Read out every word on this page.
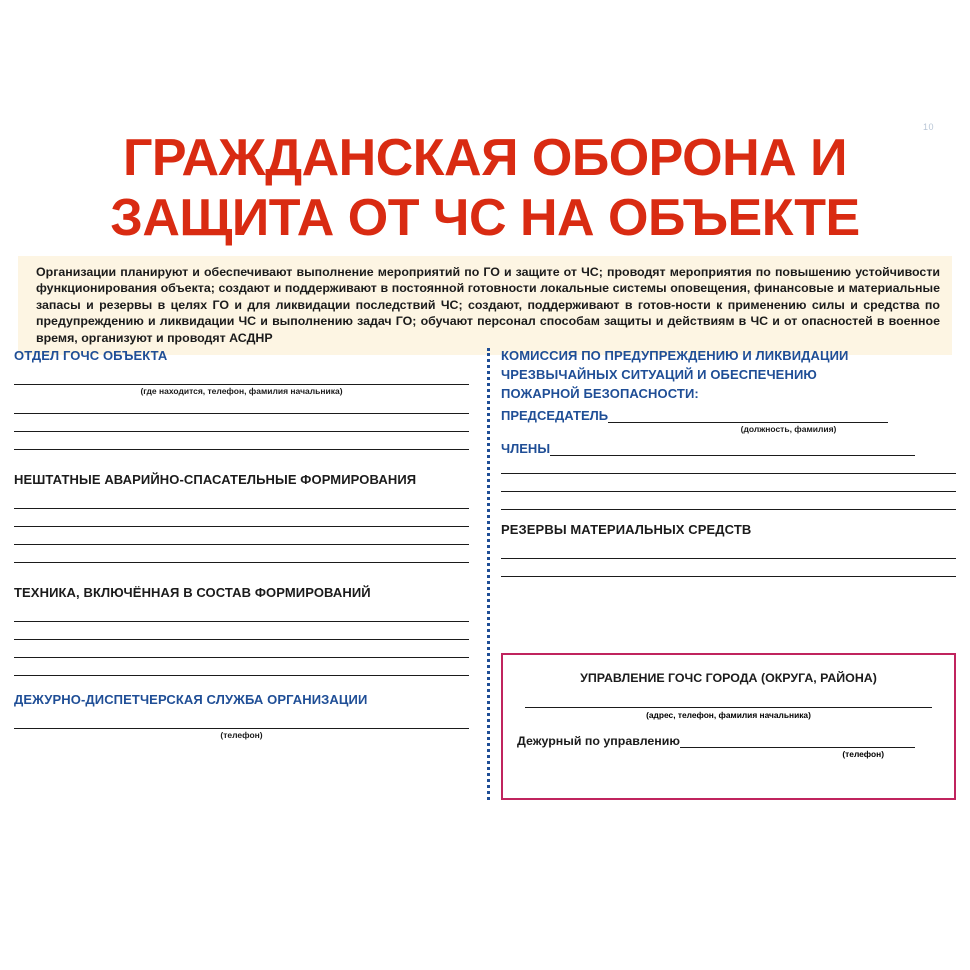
10
ГРАЖДАНСКАЯ ОБОРОНА И
ЗАЩИТА ОТ ЧС НА ОБЪЕКТЕ

Организации планируют и обеспечивают выполнение мероприятий по ГО и защите от ЧС; проводят мероприятия по повышению устойчивости функционирования объекта; создают и поддерживают в постоянной готовности локальные системы оповещения, финансовые и материальные запасы и резервы в целях ГО и для ликвидации последствий ЧС; создают, поддерживают в готов-ности к применению силы и средства по предупреждению и ликвидации ЧС и выполнению задач ГО; обучают персонал способам защиты и действиям в ЧС и от опасностей в военное время, организуют и проводят АСДНР

ОТДЕЛ ГОЧС ОБЪЕКТА
(где находится, телефон, фамилия начальника)
НЕШТАТНЫЕ АВАРИЙНО-СПАСАТЕЛЬНЫЕ ФОРМИРОВАНИЯ
ТЕХНИКА, ВКЛЮЧЁННАЯ В СОСТАВ ФОРМИРОВАНИЙ
ДЕЖУРНО-ДИСПЕТЧЕРСКАЯ СЛУЖБА ОРГАНИЗАЦИИ
(телефон)
КОМИССИЯ ПО ПРЕДУПРЕЖДЕНИЮ И ЛИКВИДАЦИИ
ЧРЕЗВЫЧАЙНЫХ СИТУАЦИЙ И ОБЕСПЕЧЕНИЮ
ПОЖАРНОЙ БЕЗОПАСНОСТИ:
ПРЕДСЕДАТЕЛЬ
(должность, фамилия)
ЧЛЕНЫ
РЕЗЕРВЫ МАТЕРИАЛЬНЫХ СРЕДСТВ
УПРАВЛЕНИЕ ГОЧС ГОРОДА (ОКРУГА, РАЙОНА)
(адрес, телефон, фамилия начальника)
Дежурный по управлению
(телефон)
